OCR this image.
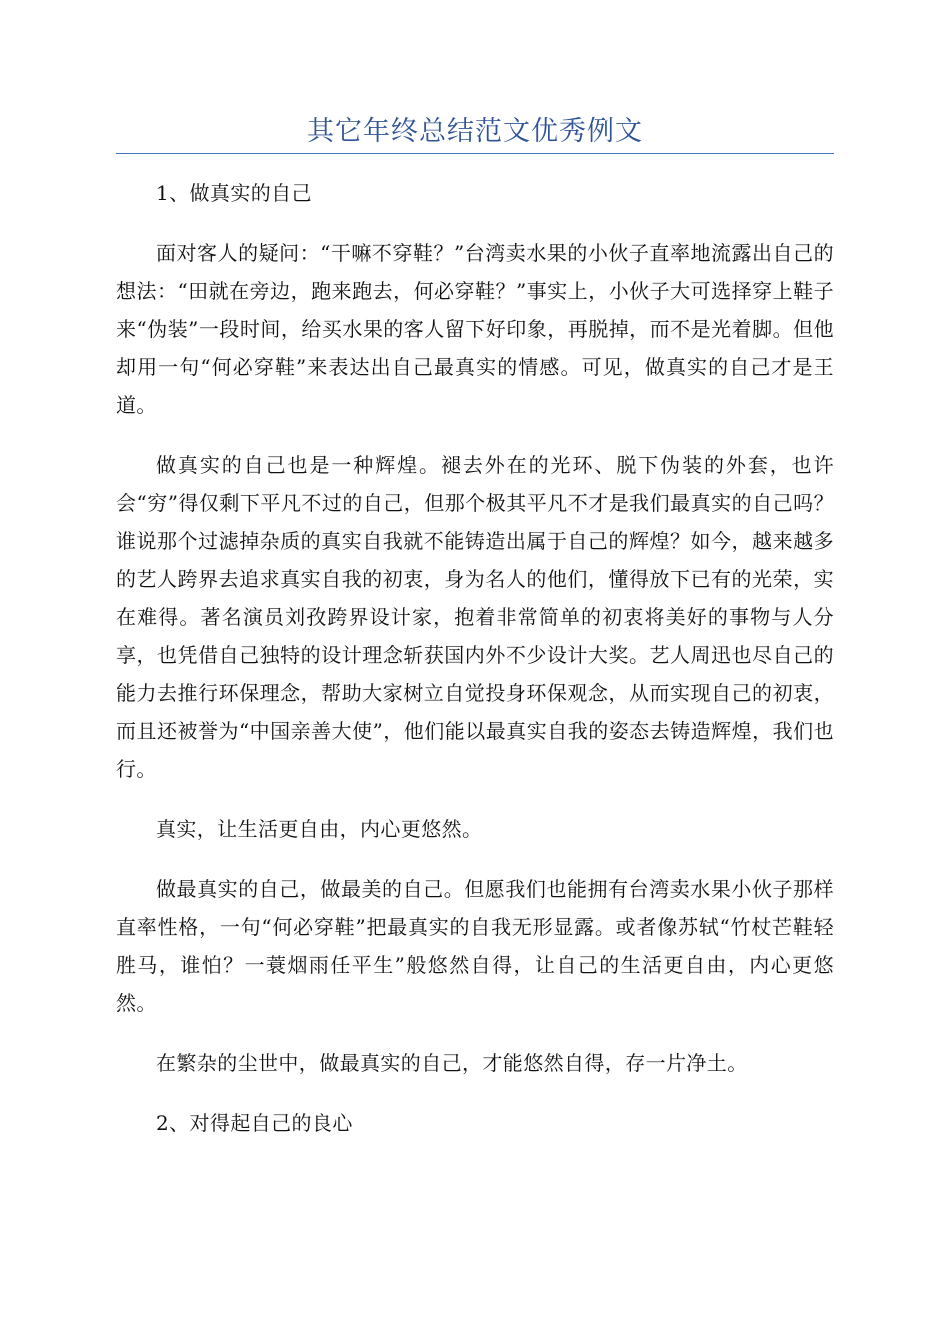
其它年终总结范文优秀例文

1、做真实的自己

面对客人的疑问：“干嘛不穿鞋？”台湾卖水果的小伙子直率地流露出自己的想法：“田就在旁边，跑来跑去，何必穿鞋？”事实上，小伙子大可选择穿上鞋子来“伪装”一段时间，给买水果的客人留下好印象，再脱掉，而不是光着脚。但他却用一句“何必穿鞋”来表达出自己最真实的情感。可见，做真实的自己才是王道。

做真实的自己也是一种辉煌。褪去外在的光环、脱下伪装的外套，也许会“穷”得仅剩下平凡不过的自己，但那个极其平凡不才是我们最真实的自己吗？谁说那个过滤掉杂质的真实自我就不能铸造出属于自己的辉煌？如今，越来越多的艺人跨界去追求真实自我的初衷，身为名人的他们，懂得放下已有的光荣，实在难得。著名演员刘孜跨界设计家，抱着非常简单的初衷将美好的事物与人分享，也凭借自己独特的设计理念斩获国内外不少设计大奖。艺人周迅也尽自己的能力去推行环保理念，帮助大家树立自觉投身环保观念，从而实现自己的初衷，而且还被誉为“中国亲善大使”，他们能以最真实自我的姿态去铸造辉煌，我们也行。

真实，让生活更自由，内心更悠然。

做最真实的自己，做最美的自己。但愿我们也能拥有台湾卖水果小伙子那样直率性格，一句“何必穿鞋”把最真实的自我无形显露。或者像苏轼“竹杖芒鞋轻胜马，谁怕？一蓑烟雨任平生”般悠然自得，让自己的生活更自由，内心更悠然。

在繁杂的尘世中，做最真实的自己，才能悠然自得，存一片净土。

2、对得起自己的良心
